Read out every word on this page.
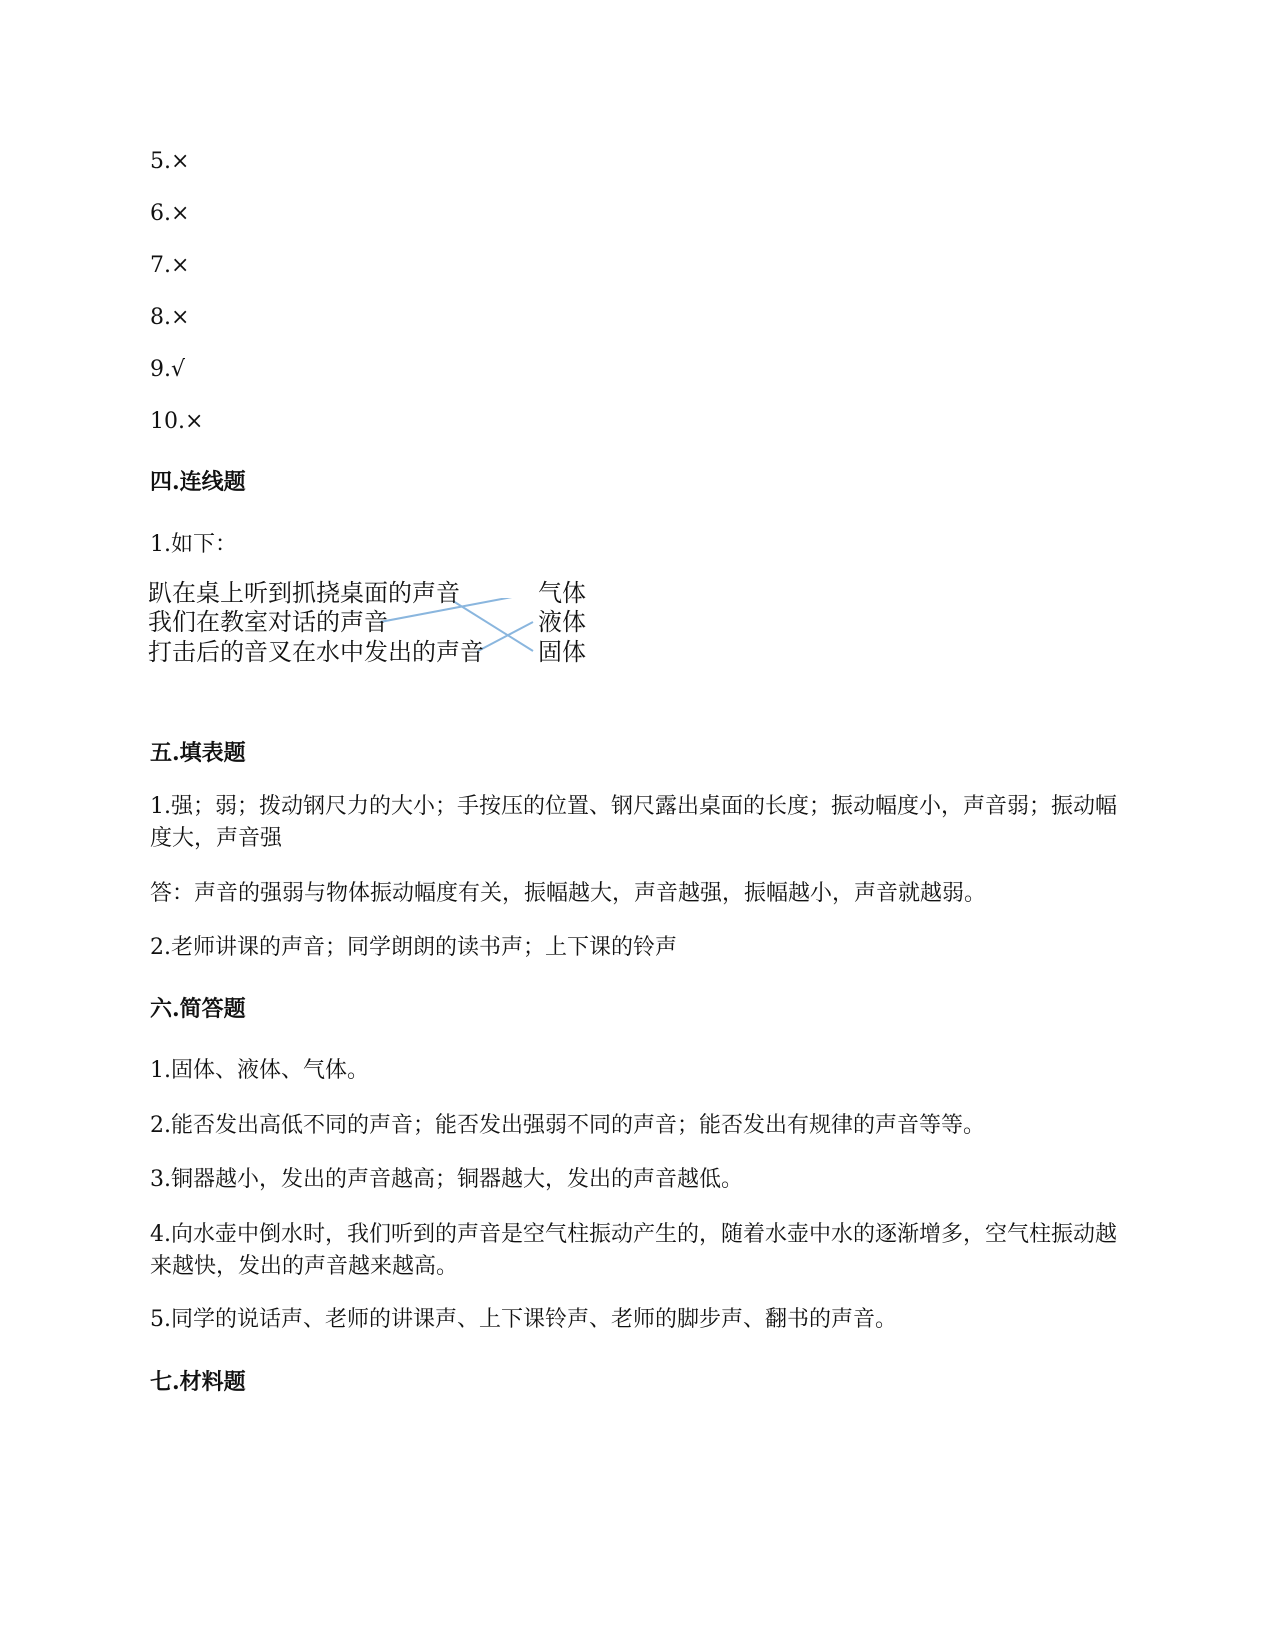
5.×
6.×
7.×
8.×
9.√
10.×
四.连线题
1.如下：
趴在桌上听到抓挠桌面的声音
我们在教室对话的声音
打击后的音叉在水中发出的声音
气体
液体
固体
五.填表题
1.强；弱；拨动钢尺力的大小；手按压的位置、钢尺露出桌面的长度；振动幅度小，声音弱；振动幅度大，声音强
答：声音的强弱与物体振动幅度有关，振幅越大，声音越强，振幅越小，声音就越弱。
2.老师讲课的声音；同学朗朗的读书声；上下课的铃声
六.简答题
1.固体、液体、气体。
2.能否发出高低不同的声音；能否发出强弱不同的声音；能否发出有规律的声音等等。
3.铜器越小，发出的声音越高；铜器越大，发出的声音越低。
4.向水壶中倒水时，我们听到的声音是空气柱振动产生的，随着水壶中水的逐渐增多，空气柱振动越来越快，发出的声音越来越高。
5.同学的说话声、老师的讲课声、上下课铃声、老师的脚步声、翻书的声音。
七.材料题
